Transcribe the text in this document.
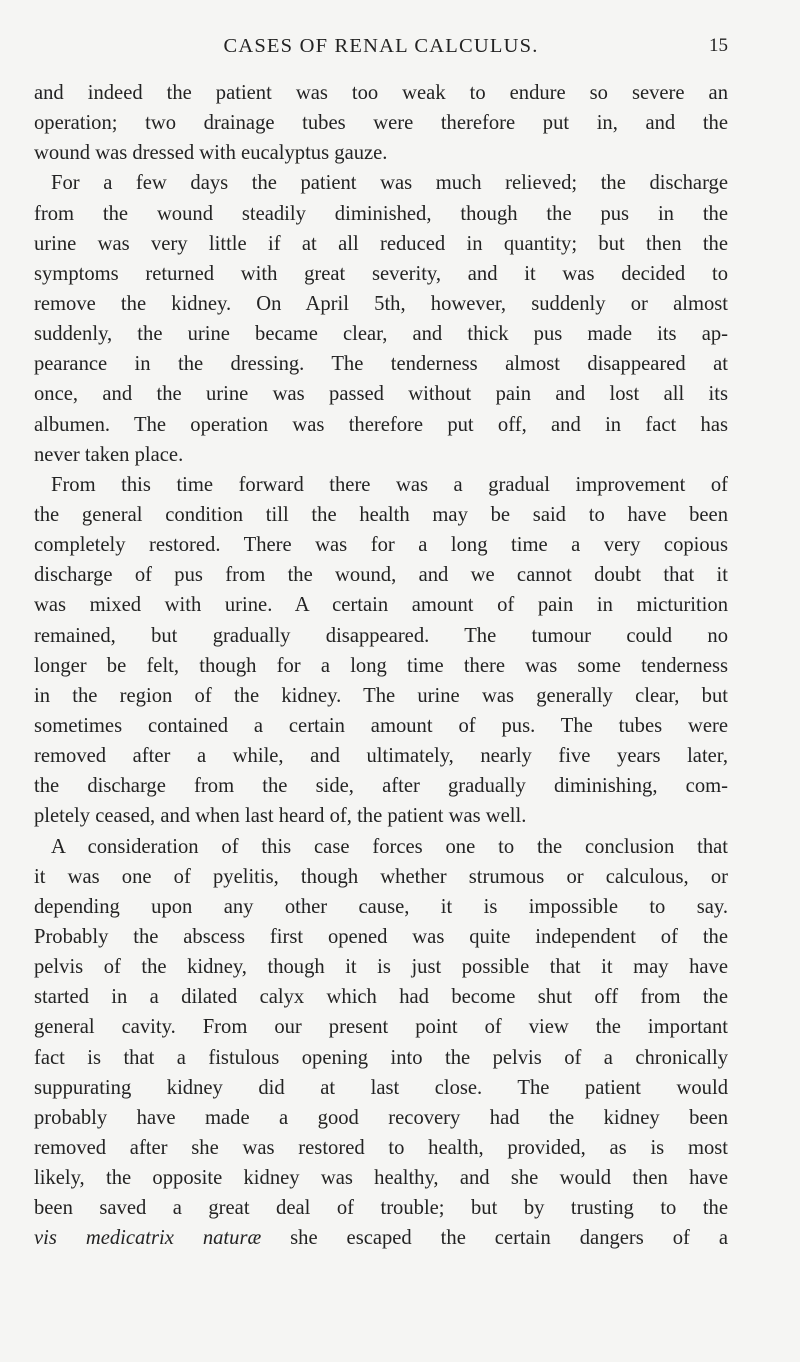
CASES OF RENAL CALCULUS.	15
and indeed the patient was too weak to endure so severe an
operation; two drainage tubes were therefore put in, and the
wound was dressed with eucalyptus gauze.
For a few days the patient was much relieved; the discharge
from the wound steadily diminished, though the pus in the
urine was very little if at all reduced in quantity; but then the
symptoms returned with great severity, and it was decided to
remove the kidney. On April 5th, however, suddenly or almost
suddenly, the urine became clear, and thick pus made its ap-
pearance in the dressing. The tenderness almost disappeared at
once, and the urine was passed without pain and lost all its
albumen. The operation was therefore put off, and in fact has
never taken place.
From this time forward there was a gradual improvement of
the general condition till the health may be said to have been
completely restored. There was for a long time a very copious
discharge of pus from the wound, and we cannot doubt that it
was mixed with urine. A certain amount of pain in micturition
remained, but gradually disappeared. The tumour could no
longer be felt, though for a long time there was some tenderness
in the region of the kidney. The urine was generally clear, but
sometimes contained a certain amount of pus. The tubes were
removed after a while, and ultimately, nearly five years later,
the discharge from the side, after gradually diminishing, com-
pletely ceased, and when last heard of, the patient was well.
A consideration of this case forces one to the conclusion that
it was one of pyelitis, though whether strumous or calculous, or
depending upon any other cause, it is impossible to say.
Probably the abscess first opened was quite independent of the
pelvis of the kidney, though it is just possible that it may have
started in a dilated calyx which had become shut off from the
general cavity. From our present point of view the important
fact is that a fistulous opening into the pelvis of a chronically
suppurating kidney did at last close. The patient would
probably have made a good recovery had the kidney been
removed after she was restored to health, provided, as is most
likely, the opposite kidney was healthy, and she would then have
been saved a great deal of trouble; but by trusting to the
vis medicatrix naturæ she escaped the certain dangers of a
